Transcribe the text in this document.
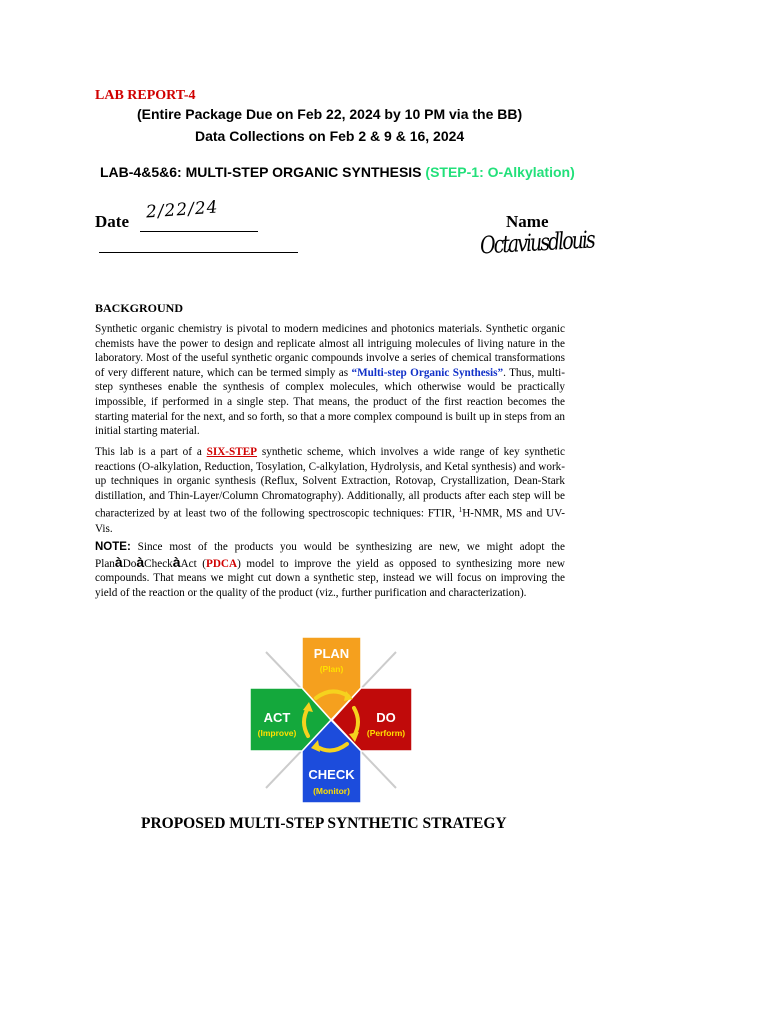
LAB REPORT-4
(Entire Package Due on Feb 22, 2024 by 10 PM via the BB)
Data Collections on Feb 2 & 9 & 16, 2024
LAB-4&5&6: MULTI-STEP ORGANIC SYNTHESIS (STEP-1: O-Alkylation)
Date 2/22/24	Name
Octaviusdlouis
BACKGROUND

Synthetic organic chemistry is pivotal to modern medicines and photonics materials. Synthetic organic chemists have the power to design and replicate almost all intriguing molecules of living nature in the laboratory. Most of the useful synthetic organic compounds involve a series of chemical transformations of very different nature, which can be termed simply as “Multi-step Organic Synthesis”. Thus, multi-step syntheses enable the synthesis of complex molecules, which otherwise would be practically impossible, if performed in a single step. That means, the product of the first reaction becomes the starting material for the next, and so forth, so that a more complex compound is built up in steps from an initial starting material.

This lab is a part of a SIX-STEP synthetic scheme, which involves a wide range of key synthetic reactions (O-alkylation, Reduction, Tosylation, C-alkylation, Hydrolysis, and Ketal synthesis) and work-up techniques in organic synthesis (Reflux, Solvent Extraction, Rotovap, Crystallization, Dean-Stark distillation, and Thin-Layer/Column Chromatography). Additionally, all products after each step will be characterized by at least two of the following spectroscopic techniques: FTIR, $^1$H-NMR, MS and UV-Vis.

NOTE: Since most of the products you would be synthesizing are new, we might adopt the PlanàDoàCheckàAct (PDCA) model to improve the yield as opposed to synthesizing more new compounds. That means we might cut down a synthetic step, instead we will focus on improving the yield of the reaction or the quality of the product (viz., further purification and characterization).

PLAN
(Plan)
DO
(Perform)
CHECK
(Monitor)
ACT
(Improve)
PROPOSED MULTI-STEP SYNTHETIC STRATEGY
